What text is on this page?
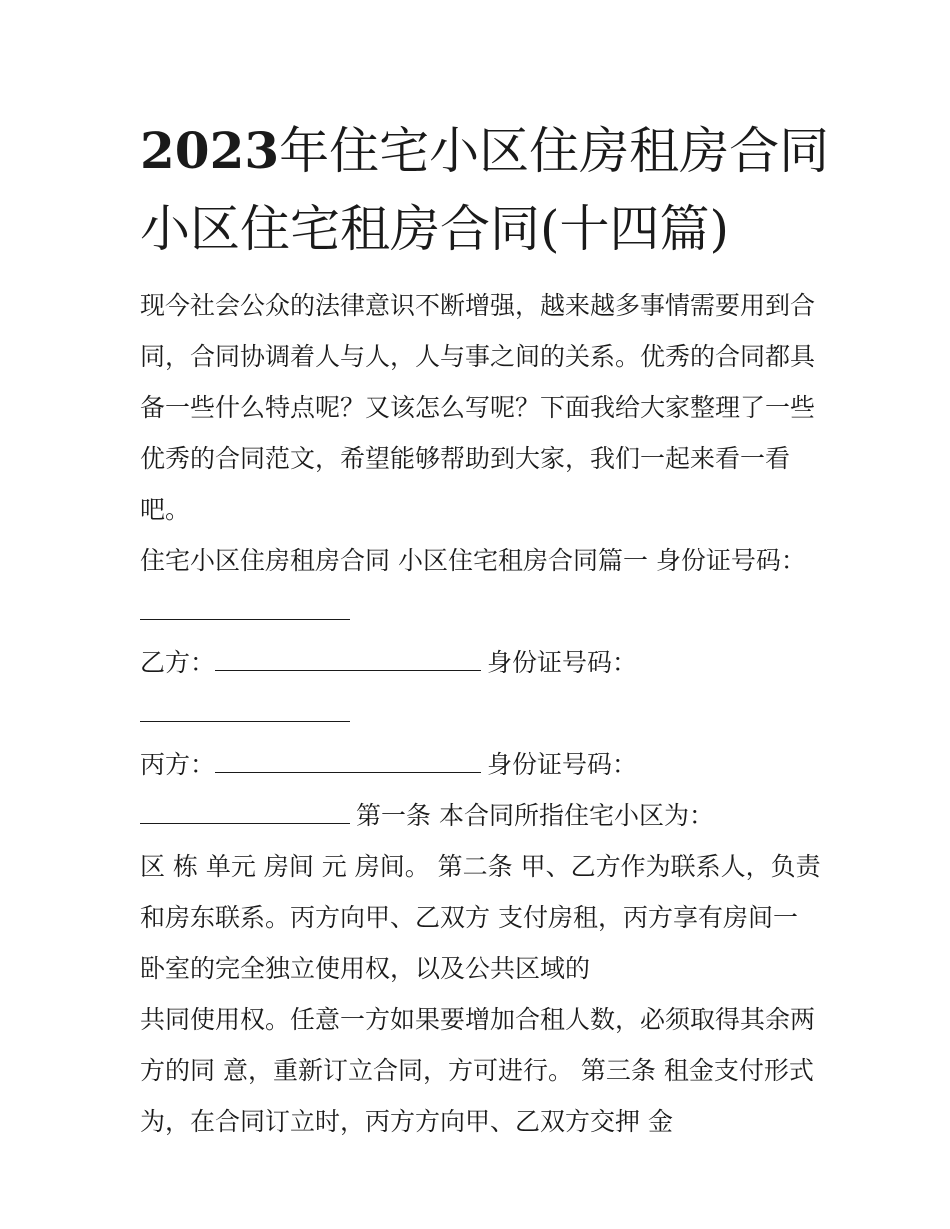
2023年住宅小区住房租房合同
小区住宅租房合同(十四篇)
现今社会公众的法律意识不断增强，越来越多事情需要用到合
同，合同协调着人与人，人与事之间的关系。优秀的合同都具
备一些什么特点呢？又该怎么写呢？下面我给大家整理了一些
优秀的合同范文，希望能够帮助到大家，我们一起来看一看
吧。
住宅小区住房租房合同 小区住宅租房合同篇一 身份证号码：
乙方：	身份证号码：
丙方：	身份证号码：
第一条 本合同所指住宅小区为：
区 栋 单元 房间 元 房间。 第二条 甲、乙方作为联系人，负责
和房东联系。丙方向甲、乙双方 支付房租，丙方享有房间一
卧室的完全独立使用权，以及公共区域的
共同使用权。任意一方如果要增加合租人数，必须取得其余两
方的同 意，重新订立合同，方可进行。 第三条 租金支付形式
为，在合同订立时，丙方方向甲、乙双方交押 金
